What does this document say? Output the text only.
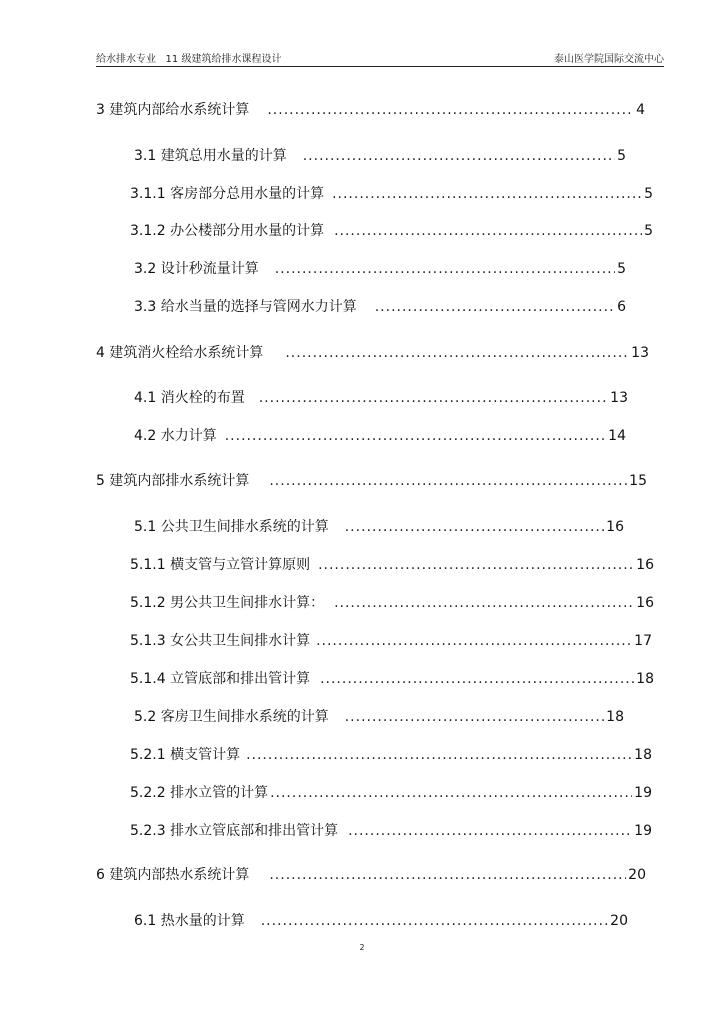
给水排水专业   11 级建筑给排水课程设计	泰山医学院国际交流中心
3 建筑内部给水系统计算 .....	4
3.1 建筑总用水量的计算 .....	5
3.1.1 客房部分总用水量的计算 .....	5
3.1.2 办公楼部分用水量的计算 .....	5
3.2 设计秒流量计算 .....	5
3.3 给水当量的选择与管网水力计算 .....	6
4 建筑消火栓给水系统计算 .....	13
4.1 消火栓的布置 .....	13
4.2 水力计算 .....	14
5 建筑内部排水系统计算 .....	15
5.1 公共卫生间排水系统的计算 .....	16
5.1.1 横支管与立管计算原则 .....	16
5.1.2 男公共卫生间排水计算： .....	16
5.1.3 女公共卫生间排水计算 .....	17
5.1.4 立管底部和排出管计算 .....	18
5.2 客房卫生间排水系统的计算 .....	18
5.2.1 横支管计算 .....	18
5.2.2 排水立管的计算 .....	19
5.2.3 排水立管底部和排出管计算 .....	19
6 建筑内部热水系统计算 .....	20
6.1 热水量的计算 .....	20
2
